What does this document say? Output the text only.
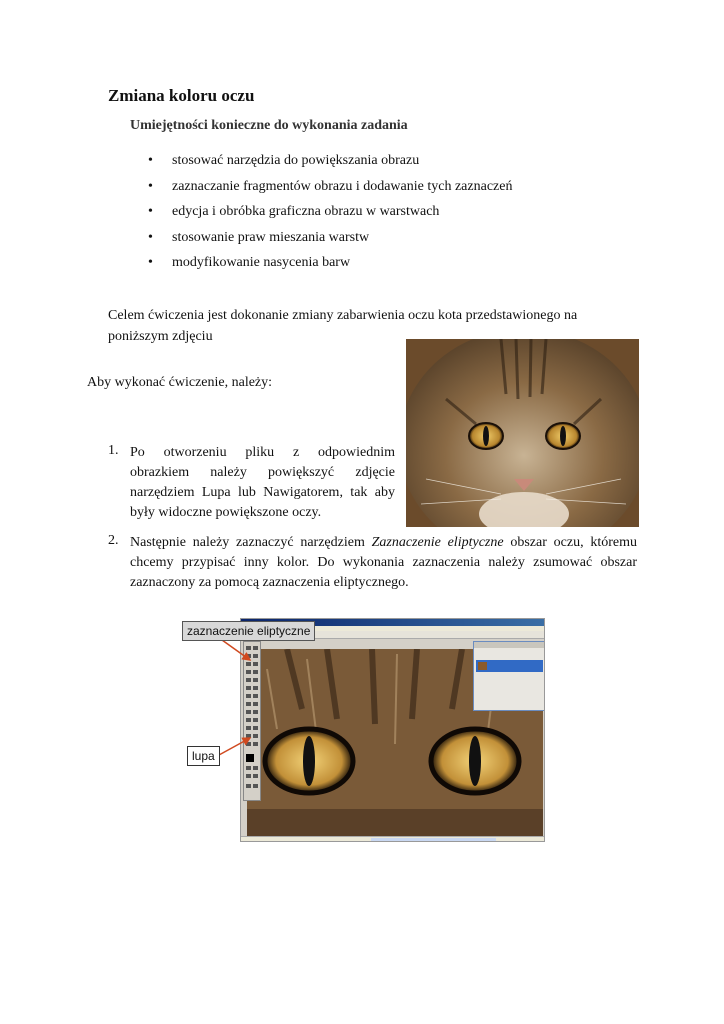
Zmiana koloru oczu
Umiejętności konieczne do wykonania zadania
• stosować narzędzia do powiększania obrazu
• zaznaczanie fragmentów obrazu i dodawanie tych zaznaczeń
• edycja i obróbka graficzna obrazu w warstwach
• stosowanie praw mieszania warstw
• modyfikowanie nasycenia barw
Celem ćwiczenia jest dokonanie zmiany zabarwienia oczu kota przedstawionego na poniższym zdjęciu
Aby wykonać ćwiczenie, należy:
1. Po otworzeniu pliku z odpowiednim obrazkiem należy powiększyć zdjęcie narzędziem Lupa lub Nawigatorem, tak aby były widoczne powiększone oczy.
2. Następnie należy zaznaczyć narzędziem Zaznaczenie eliptyczne obszar oczu, któremu chcemy przypisać inny kolor. Do wykonania zaznaczenia należy zsumować obszar zaznaczony za pomocą zaznaczenia eliptycznego.
zaznaczenie eliptyczne
lupa
